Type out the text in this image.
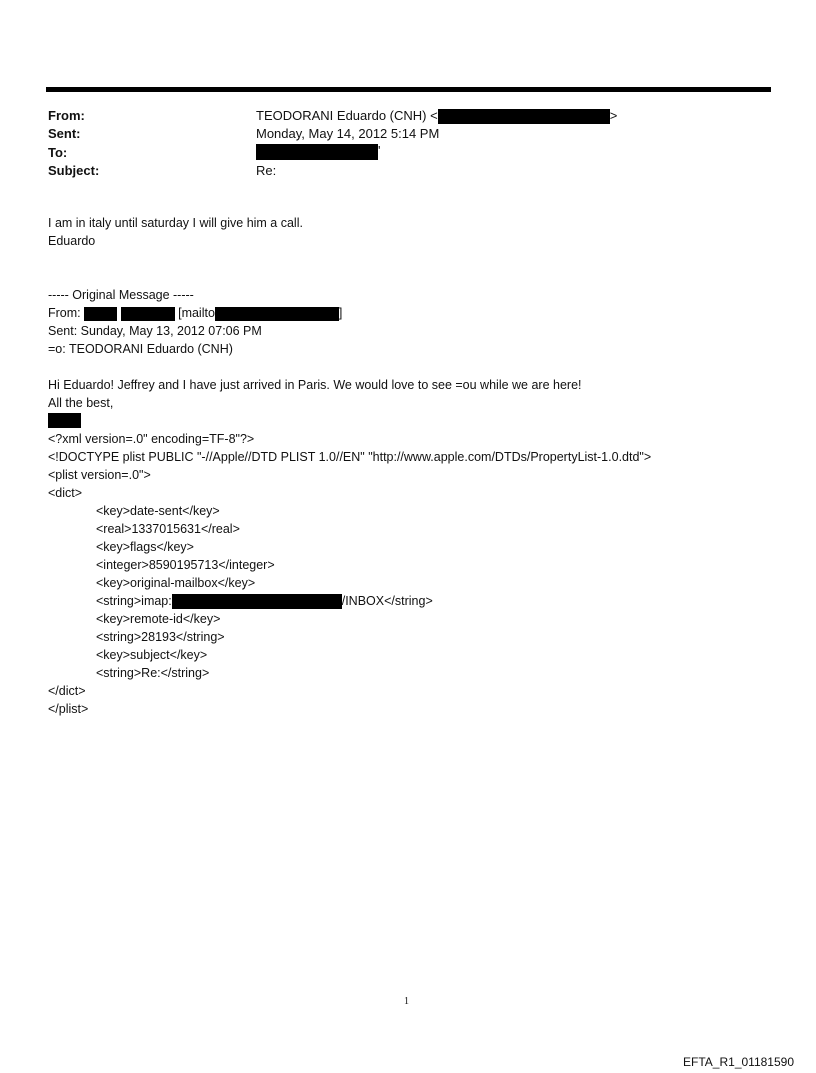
From:	TEODORANI Eduardo (CNH) <	>
Sent:	Monday, May 14, 2012 5:14 PM
To:	'
Subject:	Re:
I am in italy until saturday I will give him a call.
Eduardo
----- Original Message -----
From:	[mailto	]
Sent: Sunday, May 13, 2012 07:06 PM
=o: TEODORANI Eduardo (CNH)
Hi Eduardo! Jeffrey and I have just arrived in Paris. We would love to see =ou while we are here!
All the best,
<?xml version=.0" encoding=TF-8"?>
<!DOCTYPE plist PUBLIC "-//Apple//DTD PLIST 1.0//EN" "http://www.apple.com/DTDs/PropertyList-1.0.dtd">
<plist version=.0">
<dict>
<key>date-sent</key>
<real>1337015631</real>
<key>flags</key>
<integer>8590195713</integer>
<key>original-mailbox</key>
<string>imap:	/INBOX</string>
<key>remote-id</key>
<string>28193</string>
<key>subject</key>
<string>Re:</string>
</dict>
</plist>
1
EFTA_R1_01181590
